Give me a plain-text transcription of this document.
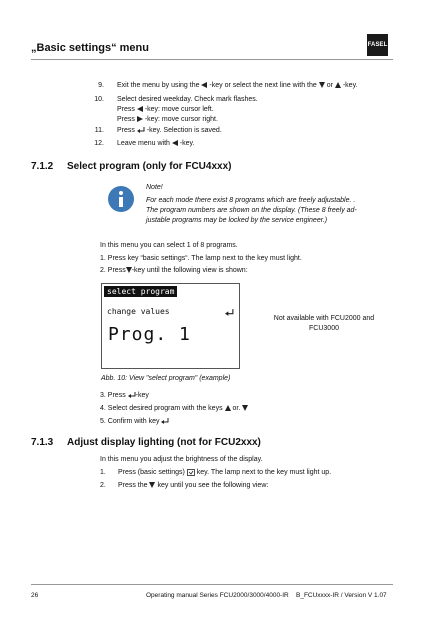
„Basic settings“ menu	FASEL
9. Exit the menu by using the -key or select the next line with the or -key.
10. Select desired weekday. Check mark flashes.
Press -key: move cursor left.
Press -key: move cursor right.
11. Press -key. Selection is saved.
12. Leave menu with -key.
7.1.2 Select program (only for FCU4xxx)
Note!
For each mode there exist 8 programs which are freely adjustable. .
The program numbers are shown on the display. (These 8 freely ad-
justable programs may be locked by the service engineer.)
In this menu you can select 1 of 8 programs.
1. Press key “basic settings“. The lamp next to the key must light.
2. Press -key until the following view is shown:
select program
change values
Prog. 1
Not available with FCU2000 and
FCU3000
Abb. 10: View "select program" (example)
3. Press -key
4. Select desired program with the keys or.
5. Confirm with key
7.1.3 Adjust display lighting (not for FCU2xxx)
In this menu you adjust the brightness of the display.
1. Press (basic settings) key. The lamp next to the key must light up.
2. Press the key until you see the following view:
26	Operating manual Series FCU2000/3000/4000-IR B_FCUxxxx-IR / Version V 1.07
